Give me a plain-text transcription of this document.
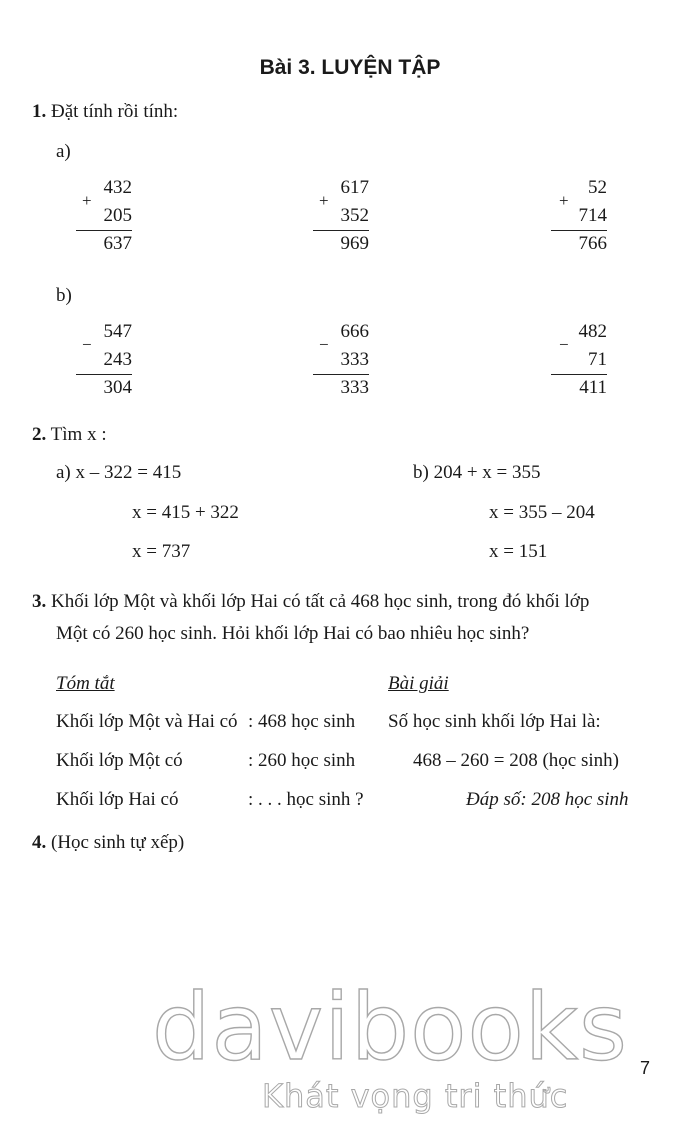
Bài 3. LUYỆN TẬP
1. Đặt tính rồi tính:
a)
432
+
205
637
617
+
352
969
52
+
714
766
b)
547
−
243
304
666
−
333
333
482
−
71
411
2. Tìm x :
a) x – 322 = 415
x = 415 + 322
x = 737
b) 204 + x = 355
x = 355 – 204
x = 151
3. Khối lớp Một và khối lớp Hai có tất cả 468 học sinh, trong đó khối lớp
Một có 260 học sinh. Hỏi khối lớp Hai có bao nhiêu học sinh?
Tóm tắt	Bài giải
Khối lớp Một và Hai có : 468 học sinh
Khối lớp Một có	: 260 học sinh
Khối lớp Hai có	: . . . học sinh ?
Số học sinh khối lớp Hai là:
468 – 260 = 208 (học sinh)
Đáp số: 208 học sinh
4. (Học sinh tự xếp)
davibooks
Khát vọng tri thức
7
